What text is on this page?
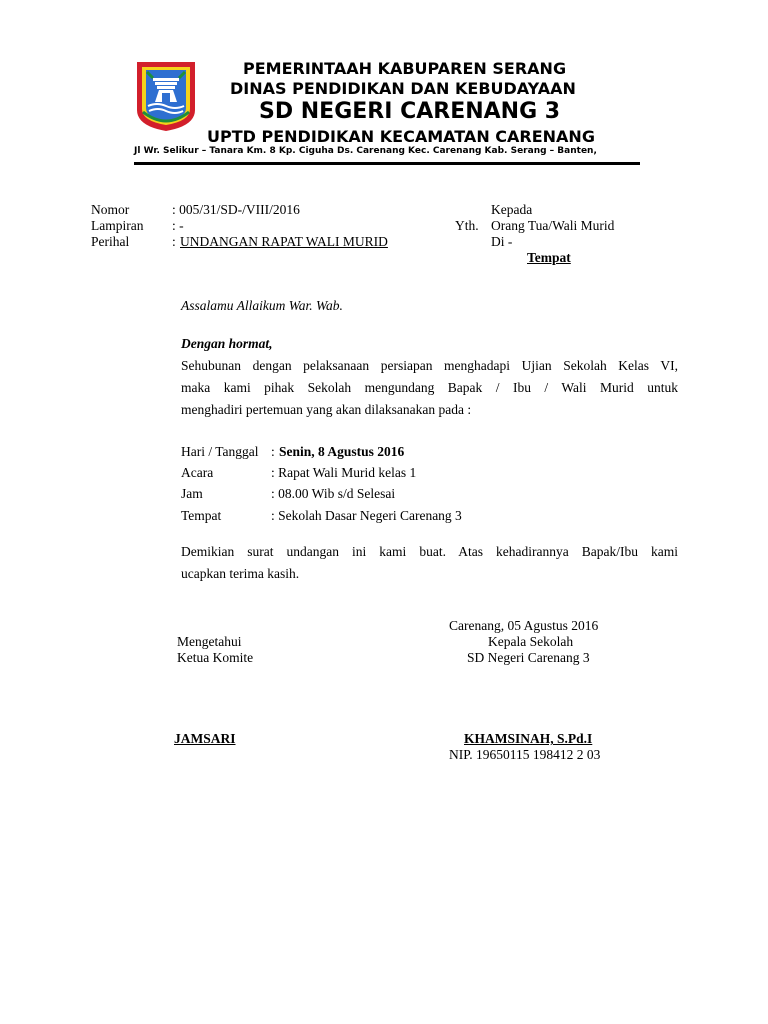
PEMERINTAAH KABUPAREN SERANG
DINAS PENDIDIKAN DAN KEBUDAYAAN
SD NEGERI CARENANG 3
UPTD PENDIDIKAN KECAMATAN CARENANG
Jl Wr. Selikur – Tanara Km. 8 Kp. Ciguha Ds. Carenang Kec. Carenang Kab. Serang – Banten,
Nomor	: 005/31/SD-/VIII/2016
Lampiran : -
Perihal	: UNDANGAN RAPAT WALI MURID
Kepada
Yth. Orang Tua/Wali Murid
Di -
Tempat
Assalamu Allaikum War. Wab.
Dengan hormat,
Sehubunan dengan pelaksanaan persiapan menghadapi Ujian Sekolah Kelas VI,
maka kami pihak Sekolah mengundang Bapak / Ibu / Wali Murid untuk
menghadiri pertemuan yang akan dilaksanakan pada :
Hari / Tanggal : Senin, 8 Agustus 2016
Acara	: Rapat Wali Murid kelas 1
Jam	: 08.00 Wib s/d Selesai
Tempat	: Sekolah Dasar Negeri Carenang 3
Demikian surat undangan ini kami buat. Atas kehadirannya Bapak/Ibu kami
ucapkan terima kasih.
Carenang, 05 Agustus 2016
Mengetahui	Kepala Sekolah
Ketua Komite	SD Negeri Carenang 3
JAMSARI	KHAMSINAH, S.Pd.I
NIP. 19650115 198412 2 03
